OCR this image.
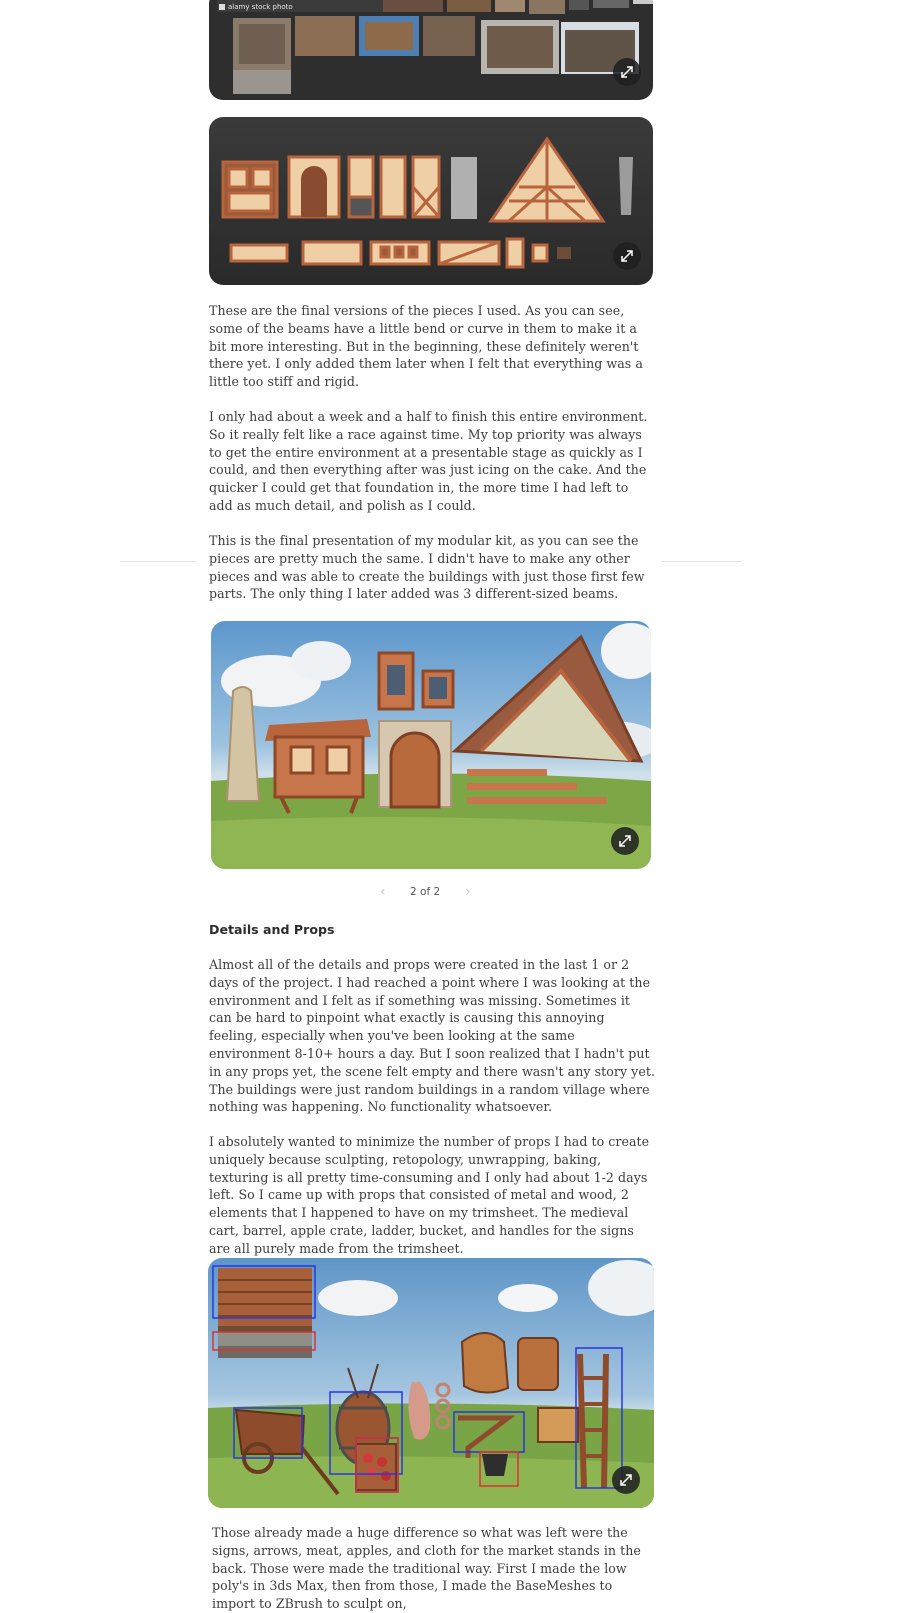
alamy stock photo

These are the final versions of the pieces I used. As you can see, some of the beams have a little bend or curve in them to make it a bit more interesting. But in the beginning, these definitely weren't there yet. I only added them later when I felt that everything was a little too stiff and rigid.

I only had about a week and a half to finish this entire environment. So it really felt like a race against time. My top priority was always to get the entire environment at a presentable stage as quickly as I could, and then everything after was just icing on the cake. And the quicker I could get that foundation in, the more time I had left to add as much detail, and polish as I could.

This is the final presentation of my modular kit, as you can see the pieces are pretty much the same. I didn't have to make any other pieces and was able to create the buildings with just those first few parts. The only thing I later added was 3 different-sized beams.

‹ 2 of 2 ›
Details and Props

Almost all of the details and props were created in the last 1 or 2 days of the project. I had reached a point where I was looking at the environment and I felt as if something was missing. Sometimes it can be hard to pinpoint what exactly is causing this annoying feeling, especially when you've been looking at the same environment 8-10+ hours a day. But I soon realized that I hadn't put in any props yet, the scene felt empty and there wasn't any story yet. The buildings were just random buildings in a random village where nothing was happening. No functionality whatsoever.

I absolutely wanted to minimize the number of props I had to create uniquely because sculpting, retopology, unwrapping, baking, texturing is all pretty time-consuming and I only had about 1-2 days left. So I came up with props that consisted of metal and wood, 2 elements that I happened to have on my trimsheet. The medieval cart, barrel, apple crate, ladder, bucket, and handles for the signs are all purely made from the trimsheet.

Those already made a huge difference so what was left were the signs, arrows, meat, apples, and cloth for the market stands in the back. Those were made the traditional way. First I made the low poly's in 3ds Max, then from those, I made the BaseMeshes to import to ZBrush to sculpt on,
